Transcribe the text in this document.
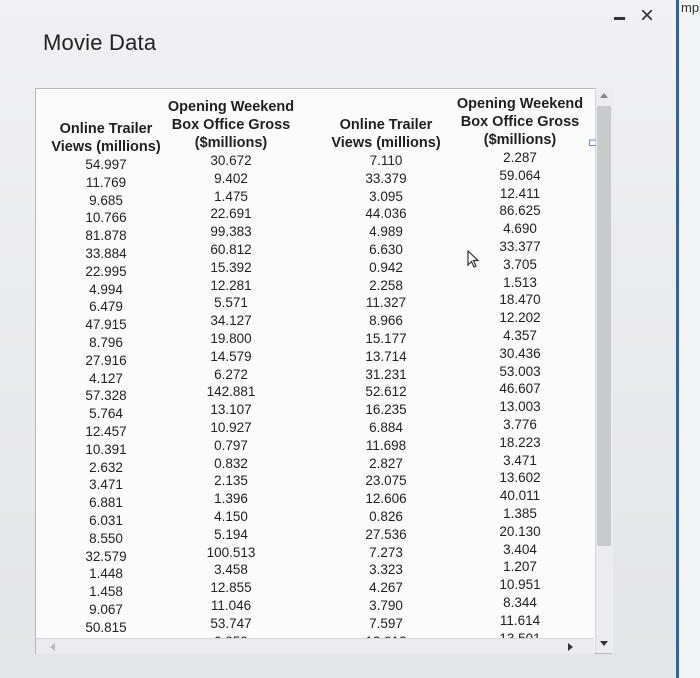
Movie Data
×
Online Trailer
Views (millions)
54.997
11.769
9.685
10.766
81.878
33.884
22.995
4.994
6.479
47.915
8.796
27.916
4.127
57.328
5.764
12.457
10.391
2.632
3.471
6.881
6.031
8.550
32.579
1.448
1.458
9.067
50.815
Opening Weekend
Box Office Gross
($millions)
30.672
9.402
1.475
22.691
99.383
60.812
15.392
12.281
5.571
34.127
19.800
14.579
6.272
142.881
13.107
10.927
0.797
0.832
2.135
1.396
4.150
5.194
100.513
3.458
12.855
11.046
53.747
Online Trailer
Views (millions)
7.110
33.379
3.095
44.036
4.989
6.630
0.942
2.258
11.327
8.966
15.177
13.714
31.231
52.612
16.235
6.884
11.698
2.827
23.075
12.606
0.826
27.536
7.273
3.323
4.267
3.790
7.597
Opening Weekend
Box Office Gross
($millions)
2.287
59.064
12.411
86.625
4.690
33.377
3.705
1.513
18.470
12.202
4.357
30.436
53.003
46.607
13.003
3.776
18.223
3.471
13.602
40.011
1.385
20.130
3.404
1.207
10.951
8.344
11.614
⊏
mp
